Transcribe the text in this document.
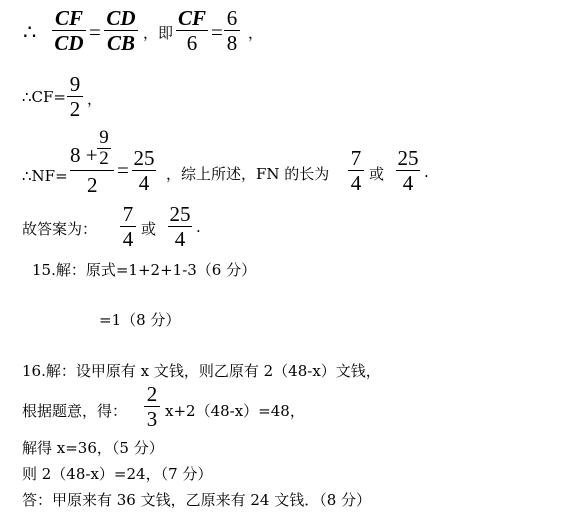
∴
CF
CD =
CD
CB ，即
CF
6 =
6
8 ，
∴CF=
9
2 ，
∴NF=
8 +
9
2
2
= 25
4	，综上所述，FN 的长为
7
4 或
25
4 .
故答案为：
7
4 或
25
4 .
15.解：原式=1+2+1-3（6 分）
=1（8 分）
16.解：设甲原有 x 文钱，则乙原有 2（48-x）文钱，
根据题意，得：
2
3 x+2（48-x）=48，
解得 x=36，（5 分）
则 2（48-x）=24，（7 分）
答：甲原来有 36 文钱，乙原来有 24 文钱．（8 分）
